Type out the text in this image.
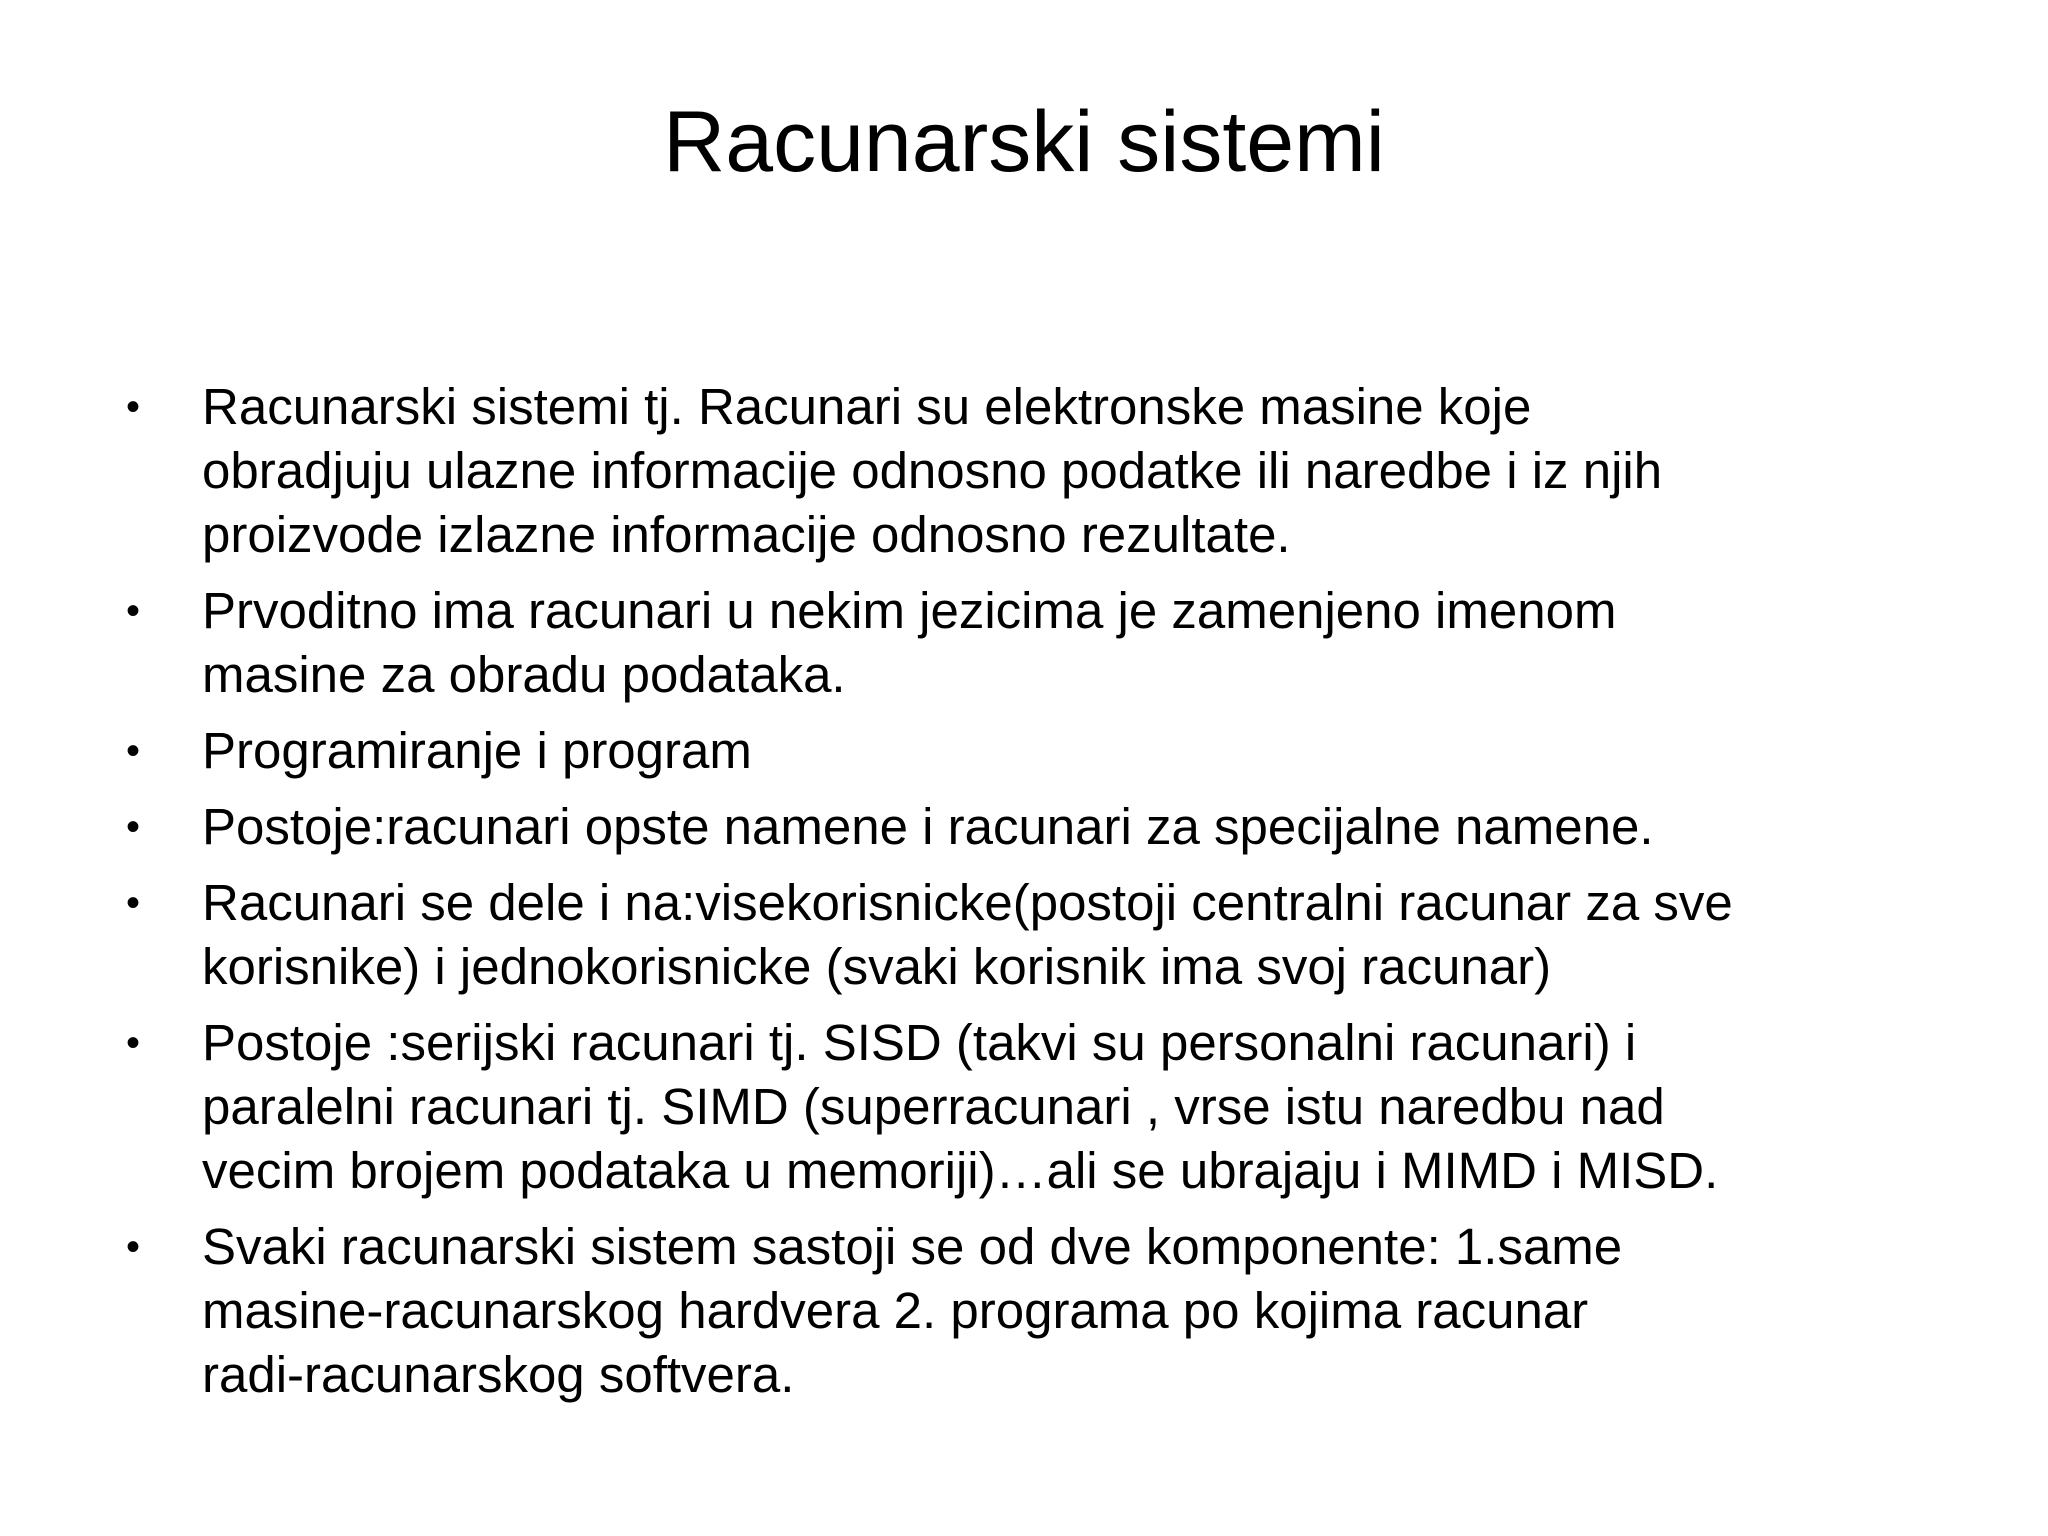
Racunarski sistemi
• Racunarski sistemi tj. Racunari su elektronske masine koje
obradjuju ulazne informacije odnosno podatke ili naredbe i iz njih
proizvode izlazne informacije odnosno rezultate.
• Prvoditno ima racunari u nekim jezicima je zamenjeno imenom
masine za obradu podataka.
• Programiranje i program
• Postoje:racunari opste namene i racunari za specijalne namene.
• Racunari se dele i na:visekorisnicke(postoji centralni racunar za sve
korisnike) i jednokorisnicke (svaki korisnik ima svoj racunar)
• Postoje :serijski racunari tj. SISD (takvi su personalni racunari) i
paralelni racunari tj. SIMD (superracunari , vrse istu naredbu nad
vecim brojem podataka u memoriji)…ali se ubrajaju i MIMD i MISD.
• Svaki racunarski sistem sastoji se od dve komponente: 1.same
masine-racunarskog hardvera 2. programa po kojima racunar
radi-racunarskog softvera.
